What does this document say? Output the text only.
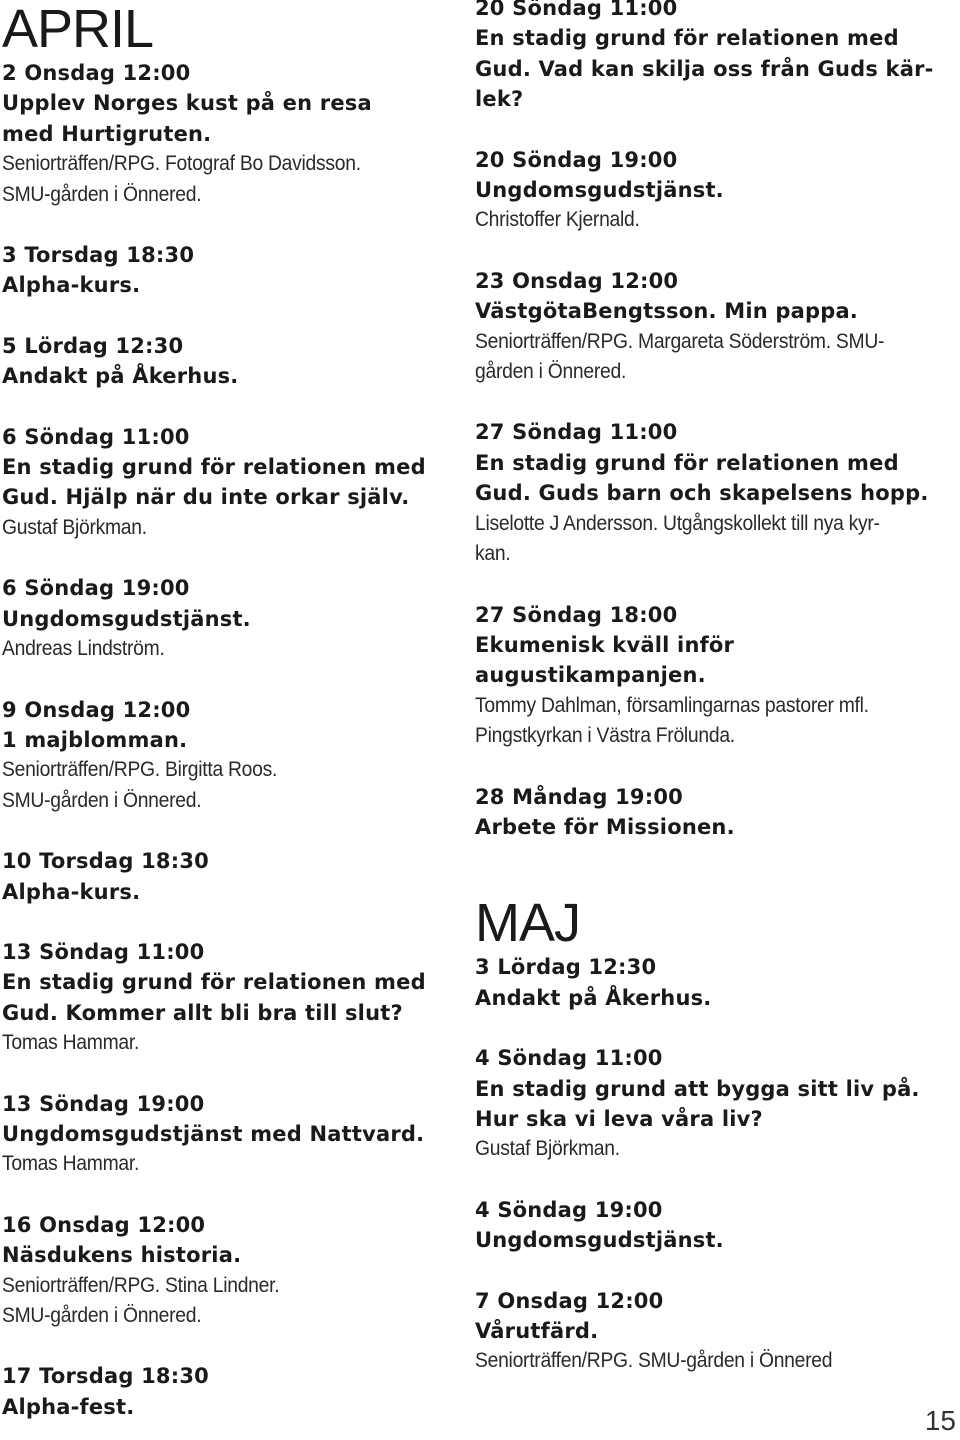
APRIL
2 Onsdag 12:00
Upplev Norges kust på en resa
med Hurtigruten.
Seniorträffen/RPG. Fotograf Bo Davidsson.
SMU-gården i Önnered.
3 Torsdag 18:30
Alpha-kurs.
5 Lördag 12:30
Andakt på Åkerhus.
6 Söndag 11:00
En stadig grund för relationen med
Gud. Hjälp när du inte orkar själv.
Gustaf Björkman.
6 Söndag 19:00
Ungdomsgudstjänst.
Andreas Lindström.
9 Onsdag 12:00
1 majblomman.
Seniorträffen/RPG. Birgitta Roos.
SMU-gården i Önnered.
10 Torsdag 18:30
Alpha-kurs.
13 Söndag 11:00
En stadig grund för relationen med
Gud. Kommer allt bli bra till slut?
Tomas Hammar.
13 Söndag 19:00
Ungdomsgudstjänst med Nattvard.
Tomas Hammar.
16 Onsdag 12:00
Näsdukens historia.
Seniorträffen/RPG. Stina Lindner.
SMU-gården i Önnered.
17 Torsdag 18:30
Alpha-fest.
20 Söndag 11:00
En stadig grund för relationen med
Gud. Vad kan skilja oss från Guds kär-
lek?
20 Söndag 19:00
Ungdomsgudstjänst.
Christoffer Kjernald.
23 Onsdag 12:00
VästgötaBengtsson. Min pappa.
Seniorträffen/RPG. Margareta Söderström. SMU-
gården i Önnered.
27 Söndag 11:00
En stadig grund för relationen med
Gud. Guds barn och skapelsens hopp.
Liselotte J Andersson. Utgångskollekt till nya kyr-
kan.
27 Söndag 18:00
Ekumenisk kväll inför
augustikampanjen.
Tommy Dahlman, församlingarnas pastorer mfl.
Pingstkyrkan i Västra Frölunda.
28 Måndag 19:00
Arbete för Missionen.
MAJ
3 Lördag 12:30
Andakt på Åkerhus.
4 Söndag 11:00
En stadig grund att bygga sitt liv på.
Hur ska vi leva våra liv?
Gustaf Björkman.
4 Söndag 19:00
Ungdomsgudstjänst.
7 Onsdag 12:00
Vårutfärd.
Seniorträffen/RPG. SMU-gården i Önnered
15
